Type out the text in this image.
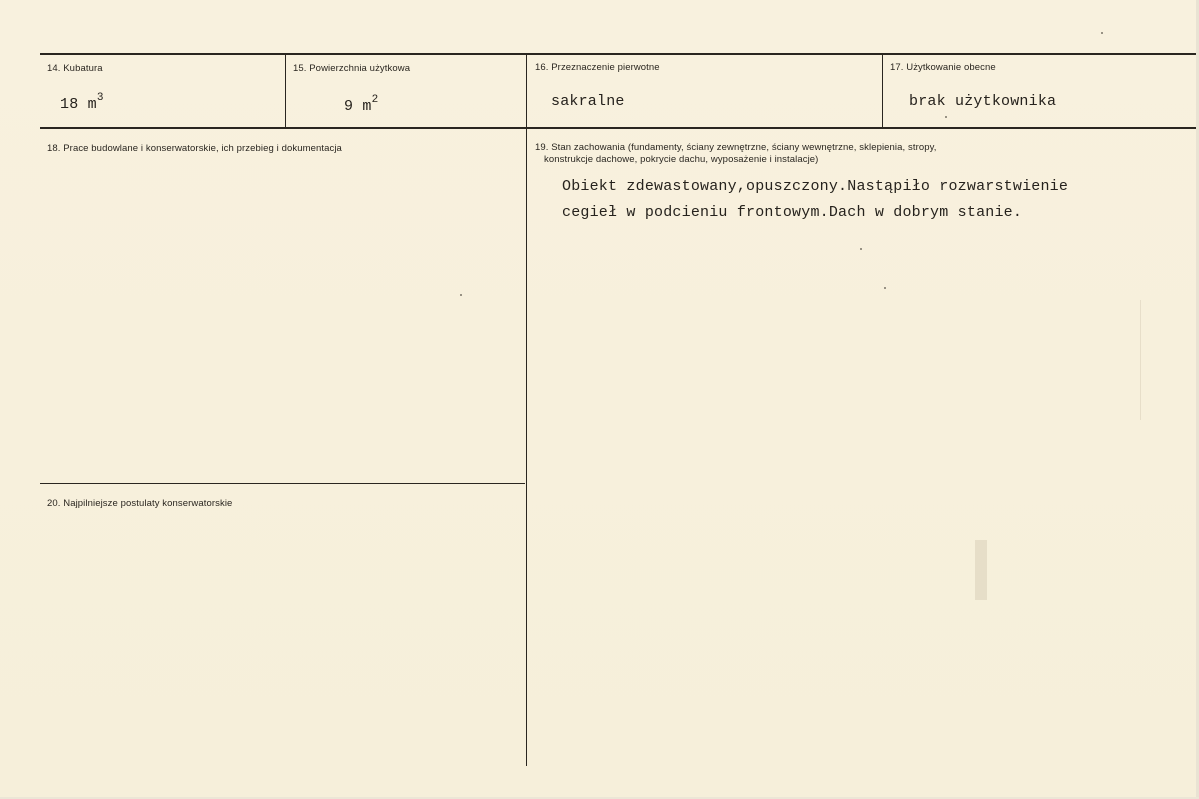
14. Kubatura
18 $m^3$
15. Powierzchnia użytkowa
9 $m^2$
16. Przeznaczenie pierwotne
sakralne
17. Użytkowanie obecne
brak użytkownika
18. Prace budowlane i konserwatorskie, ich przebieg i dokumentacja	19. Stan zachowania (fundamenty, ściany zewnętrzne, ściany wewnętrzne, sklepienia, stropy,
konstrukcje dachowe, pokrycie dachu, wyposażenie i instalacje)
Obiekt zdewastowany,opuszczony.Nastąpiło rozwarstwienie
cegieł w podcieniu frontowym.Dach w dobrym stanie.
20. Najpilniejsze postulaty konserwatorskie
